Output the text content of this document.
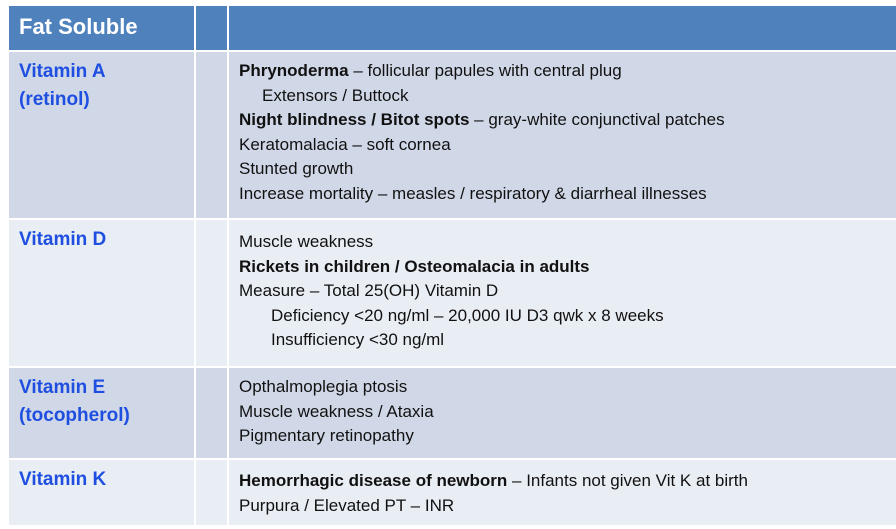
Fat Soluble
Vitamin A
(retinol)
Phrynoderma – follicular papules with central plug
Extensors / Buttock
Night blindness / Bitot spots – gray-white conjunctival patches
Keratomalacia – soft cornea
Stunted growth
Increase mortality – measles / respiratory & diarrheal illnesses
Vitamin D	Muscle weakness
Rickets in children / Osteomalacia in adults
Measure – Total 25(OH) Vitamin D
Deficiency <20 ng/ml – 20,000 IU D3 qwk x 8 weeks
Insufficiency <30 ng/ml
Vitamin E
(tocopherol)
Opthalmoplegia ptosis
Muscle weakness / Ataxia
Pigmentary retinopathy
Vitamin K	Hemorrhagic disease of newborn – Infants not given Vit K at birth
Purpura / Elevated PT – INR
